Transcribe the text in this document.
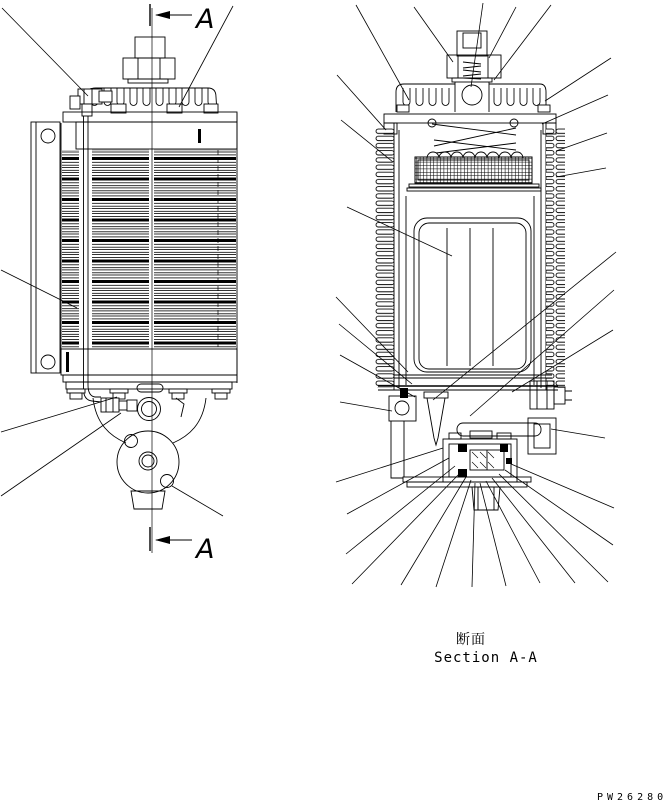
A
A
断面
Section A-A
PW26280
